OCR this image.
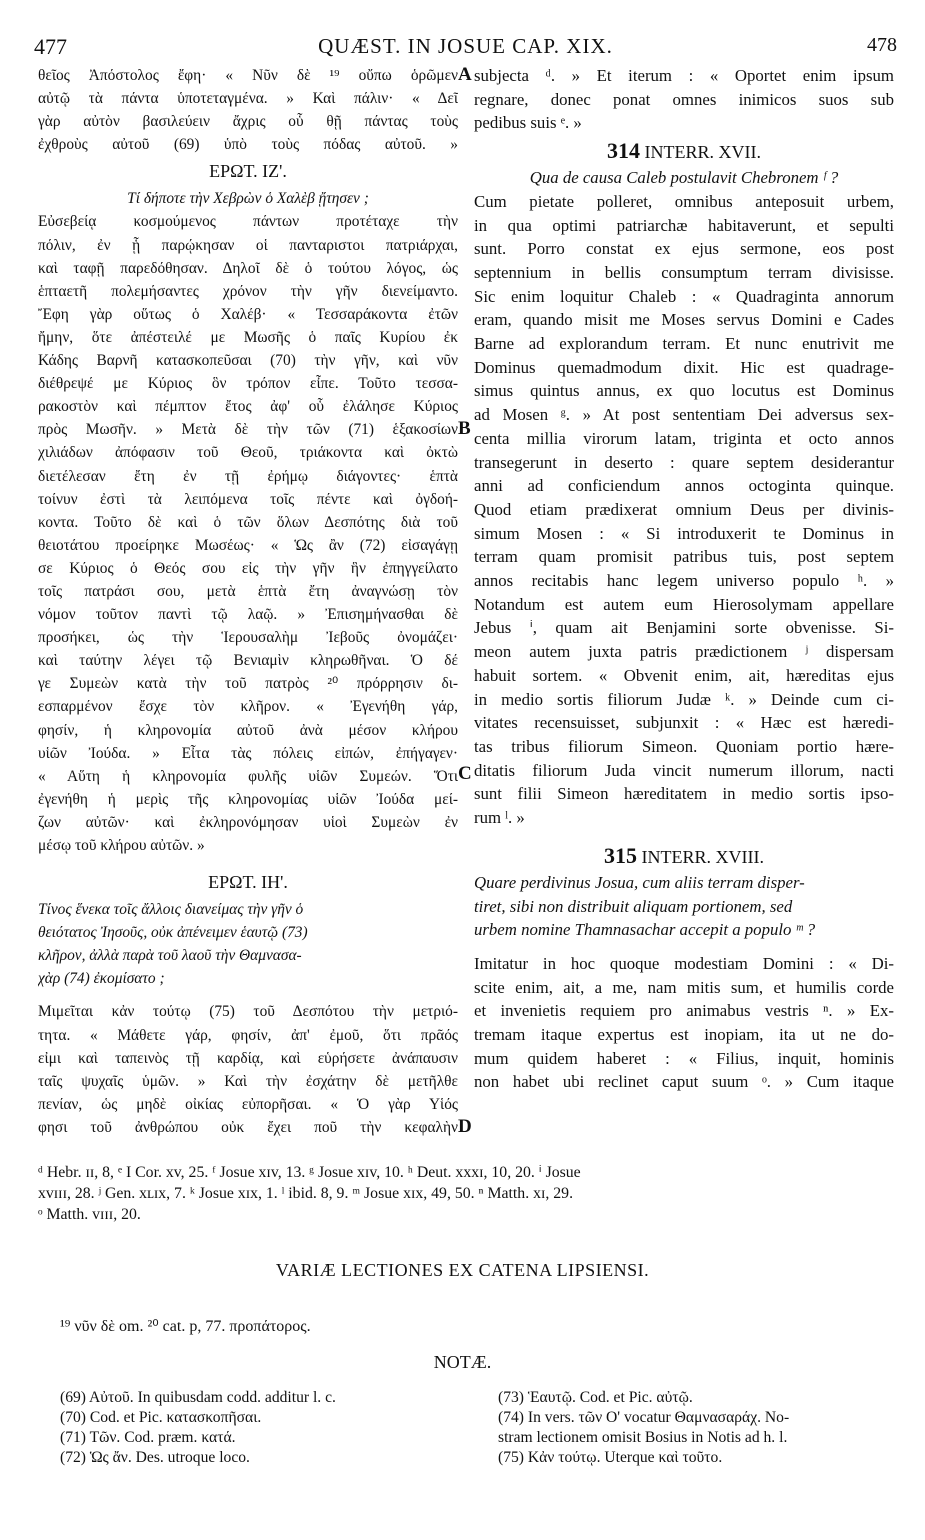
477	QUÆST. IN JOSUE CAP. XIX.	478
θεῖος Ἀπόστολος ἔφη· « Νῦν δὲ ¹⁹ οὔπω ὁρῶμεν
αὐτῷ τὰ πάντα ὑποτεταγμένα. » Καὶ πάλιν· « Δεῖ
γὰρ αὐτὸν βασιλεύειν ἄχρις οὗ θῇ πάντας τοὺς
ἐχθροὺς αὐτοῦ (69) ὑπὸ τοὺς πόδας αὐτοῦ. »
ΕΡΩΤ. ΙΖ'.
Τί δήποτε τὴν Χεβρὼν ὁ Χαλὲβ ᾔτησεν ;
Εὐσεβείᾳ κοσμούμενος πάντων προτέταχε τὴν
πόλιν, ἐν ᾗ παρῴκησαν οἱ πανταριστοι πατριάρχαι,
καὶ ταφῇ παρεδόθησαν. Δηλοῖ δὲ ὁ τούτου λόγος, ὡς
ἑπταετῆ πολεμήσαντες χρόνον τὴν γῆν διενείμαντο.
Ἔφη γὰρ οὕτως ὁ Χαλέβ· « Τεσσαράκοντα ἐτῶν
ἤμην, ὅτε ἀπέστειλέ με Μωσῆς ὁ παῖς Κυρίου ἐκ
Κάδης Βαρνῆ κατασκοπεῦσαι (70) τὴν γῆν, καὶ νῦν
διέθρεψέ με Κύριος ὃν τρόπον εἶπε. Τοῦτο τεσσα-
ρακοστὸν καὶ πέμπτον ἔτος ἀφ' οὗ ἐλάλησε Κύριος
πρὸς Μωσῆν. » Μετὰ δὲ τὴν τῶν (71) ἑξακοσίων
χιλιάδων ἀπόφασιν τοῦ Θεοῦ, τριάκοντα καὶ ὀκτὼ
διετέλεσαν ἔτη ἐν τῇ ἐρήμῳ διάγοντες· ἑπτὰ
τοίνυν ἐστὶ τὰ λειπόμενα τοῖς πέντε καὶ ὀγδοή-
κοντα. Τοῦτο δὲ καὶ ὁ τῶν ὅλων Δεσπότης διὰ τοῦ
θειοτάτου προείρηκε Μωσέως· « Ὡς ἂν (72) εἰσαγάγῃ
σε Κύριος ὁ Θεός σου εἰς τὴν γῆν ἣν ἐπηγγείλατο
τοῖς πατράσι σου, μετὰ ἑπτὰ ἔτη ἀναγνώσῃ τὸν
νόμον τοῦτον παντὶ τῷ λαῷ. » Ἐπισημήνασθαι δὲ
προσήκει, ὡς τὴν Ἱερουσαλὴμ Ἰεβοῦς ὀνομάζει·
καὶ ταύτην λέγει τῷ Βενιαμὶν κληρωθῆναι. Ὁ δέ
γε Συμεὼν κατὰ τὴν τοῦ πατρὸς ²⁰ πρόρρησιν δι-
εσπαρμένον ἔσχε τὸν κλῆρον. « Ἐγενήθη γάρ,
φησίν, ἡ κληρονομία αὐτοῦ ἀνὰ μέσον κλήρου
υἱῶν Ἰούδα. » Εἶτα τὰς πόλεις εἰπών, ἐπήγαγεν·
« Αὕτη ἡ κληρονομία φυλῆς υἱῶν Συμεών. Ὅτι
ἐγενήθη ἡ μερὶς τῆς κληρονομίας υἱῶν Ἰούδα μεί-
ζων αὐτῶν· καὶ ἐκληρονόμησαν υἱοὶ Συμεὼν ἐν
μέσῳ τοῦ κλήρου αὐτῶν. »
ΕΡΩΤ. ΙΗ'.
Τίνος ἕνεκα τοῖς ἄλλοις διανείμας τὴν γῆν ὁ
θειότατος Ἰησοῦς, οὐκ ἀπένειμεν ἑαυτῷ (73)
κλῆρον, ἀλλὰ παρὰ τοῦ λαοῦ τὴν Θαμνασα-
χὰρ (74) ἐκομίσατο ;
Μιμεῖται κἀν τούτῳ (75) τοῦ Δεσπότου τὴν μετριό-
τητα. « Μάθετε γάρ, φησίν, ἀπ' ἐμοῦ, ὅτι πρᾶός
εἰμι καὶ ταπεινὸς τῇ καρδίᾳ, καὶ εὑρήσετε ἀνάπαυσιν
ταῖς ψυχαῖς ὑμῶν. » Καὶ τὴν ἐσχάτην δὲ μετῆλθε
πενίαν, ὡς μηδὲ οἰκίας εὐπορῆσαι. « Ὁ γὰρ Υἱός
φησι τοῦ ἀνθρώπου οὐκ ἔχει ποῦ τὴν κεφαλὴν
A
B
C
D
subjecta ᵈ. » Et iterum : « Oportet enim ipsum
regnare, donec ponat omnes inimicos suos sub
pedibus suis ᵉ. »
314 INTERR. XVII.
Qua de causa Caleb postulavit Chebronem ᶠ ?
Cum pietate polleret, omnibus anteposuit urbem,
in qua optimi patriarchæ habitaverunt, et sepulti
sunt. Porro constat ex ejus sermone, eos post
septennium in bellis consumptum terram divisisse.
Sic enim loquitur Chaleb : « Quadraginta annorum
eram, quando misit me Moses servus Domini e Cades
Barne ad explorandum terram. Et nunc enutrivit me
Dominus quemadmodum dixit. Hic est quadrage-
simus quintus annus, ex quo locutus est Dominus
ad Mosen ᵍ. » At post sententiam Dei adversus sex-
centa millia virorum latam, triginta et octo annos
transegerunt in deserto : quare septem desiderantur
anni ad conficiendum annos octoginta quinque.
Quod etiam prædixerat omnium Deus per divinis-
simum Mosen : « Si introduxerit te Dominus in
terram quam promisit patribus tuis, post septem
annos recitabis hanc legem universo populo ʰ. »
Notandum est autem eum Hierosolymam appellare
Jebus ⁱ, quam ait Benjamini sorte obvenisse. Si-
meon autem juxta patris prædictionem ʲ dispersam
habuit sortem. « Obvenit enim, ait, hæreditas ejus
in medio sortis filiorum Judæ ᵏ. » Deinde cum ci-
vitates recensuisset, subjunxit : « Hæc est hæredi-
tas tribus filiorum Simeon. Quoniam portio hære-
ditatis filiorum Juda vincit numerum illorum, nacti
sunt filii Simeon hæreditatem in medio sortis ipso-
rum ˡ. »
315 INTERR. XVIII.
Quare perdivinus Josua, cum aliis terram disper-
tiret, sibi non distribuit aliquam portionem, sed
urbem nomine Thamnasachar accepit a populo ᵐ ?
Imitatur in hoc quoque modestiam Domini : « Di-
scite enim, ait, a me, nam mitis sum, et humilis corde
et invenietis requiem pro animabus vestris ⁿ. » Ex-
tremam itaque expertus est inopiam, ita ut ne do-
mum quidem haberet : « Filius, inquit, hominis
non habet ubi reclinet caput suum ᵒ. » Cum itaque
ᵈ Hebr. ɪɪ, 8, ᵉ I Cor. xv, 25. ᶠ Josue xɪv, 13. ᵍ Josue xɪv, 10. ʰ Deut. xxxɪ, 10, 20. ⁱ Josue
xvɪɪɪ, 28. ʲ Gen. xʟɪx, 7. ᵏ Josue xɪx, 1. ˡ ibid. 8, 9. ᵐ Josue xɪx, 49, 50. ⁿ Matth. xɪ, 29.
ᵒ Matth. vɪɪɪ, 20.
VARIÆ LECTIONES EX CATENA LIPSIENSI.
¹⁹ νῦν δὲ om. ²⁰ cat. p, 77. προπάτορος.
NOTÆ.
(69) Αὐτοῦ. In quibusdam codd. additur l. c.
(70) Cod. et Pic. κατασκοπῆσαι.
(71) Τῶν. Cod. præm. κατά.
(72) Ὡς ἄν. Des. utroque loco.
(73) Ἑαυτῷ. Cod. et Pic. αὐτῷ.
(74) In vers. τῶν Ο' vocatur Θαμνασαράχ. No-
stram lectionem omisit Bosius in Notis ad h. l.
(75) Κἀν τούτῳ. Uterque καὶ τοῦτο.
